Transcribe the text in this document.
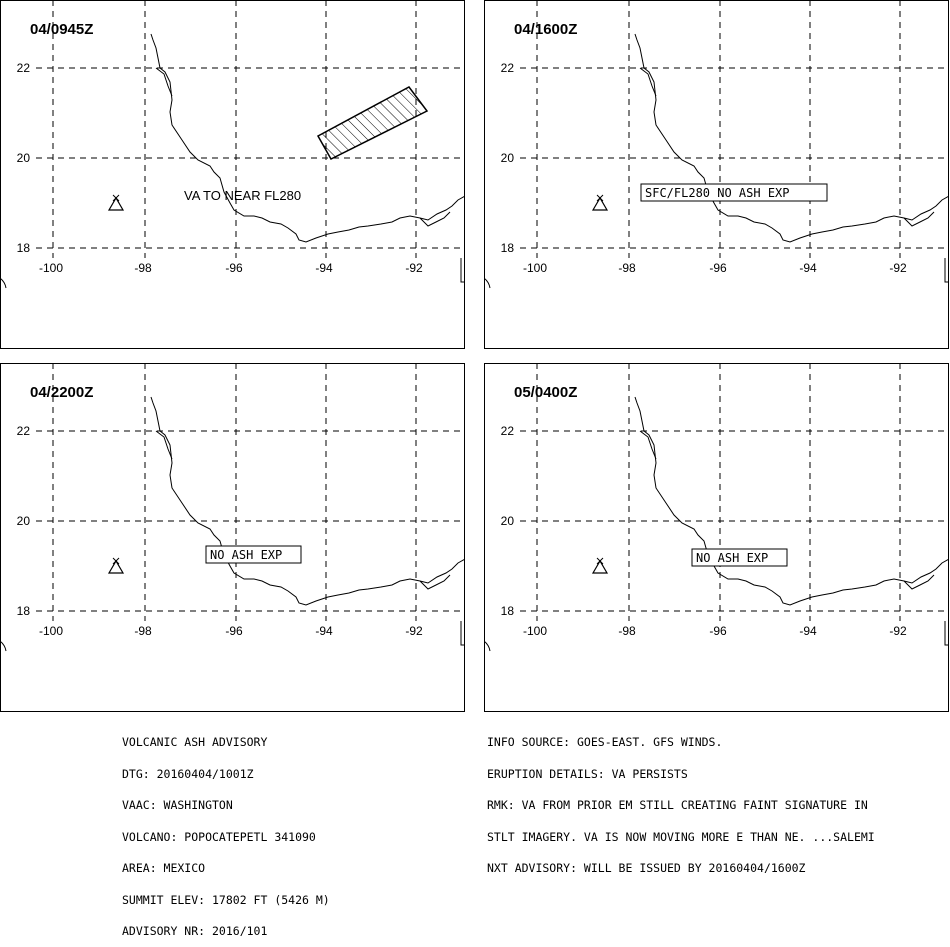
22
20
18
-100	-98	-96	-94	-92
04/0945Z
VA TO NEAR FL280
22
20
18
-100	-98	-96	-94	-92
04/1600Z
SFC/FL280 NO ASH EXP
22
20
18
-100	-98	-96	-94	-92
04/2200Z
NO ASH EXP
22
20
18
-100	-98	-96	-94	-92
05/0400Z
NO ASH EXP

VOLCANIC ASH ADVISORY

DTG: 20160404/1001Z

VAAC: WASHINGTON

VOLCANO: POPOCATEPETL 341090

AREA: MEXICO

SUMMIT ELEV: 17802 FT (5426 M)

ADVISORY NR: 2016/101

INFO SOURCE: GOES-EAST. GFS WINDS.

ERUPTION DETAILS: VA PERSISTS

RMK: VA FROM PRIOR EM STILL CREATING FAINT SIGNATURE IN

STLT IMAGERY. VA IS NOW MOVING MORE E THAN NE. ...SALEMI

NXT ADVISORY: WILL BE ISSUED BY 20160404/1600Z
